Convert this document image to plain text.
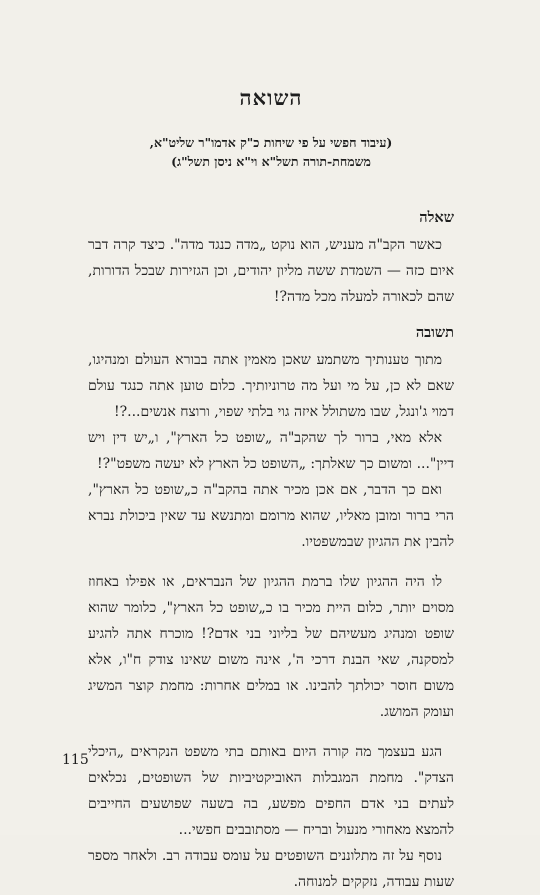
השואה
(עיבוד חפשי על פי שיחות כ"ק אדמו"ר שליט"א,
משמחת-תורה תשל"א וי"א ניסן תשל"ג)
שאלה

כאשר הקב"ה מעניש, הוא נוקט „מדה כנגד מדה". כיצד קרה דבר איום כזה — השמדת ששה מליון יהודים, וכן הגזירות שבכל הדורות, שהם לכאורה למעלה מכל מדה?!

תשובה

מתוך טענותיך משתמע שאכן מאמין אתה בבורא העולם ומנהיגו, שאם לא כן, על מי ועל מה טרוניותיך. כלום טוען אתה כנגד עולם דמוי ג'ונגל, שבו משתולל איזה גוי בלתי שפוי, ורוצח אנשים...?!

אלא מאי, ברור לך שהקב"ה „שופט כל הארץ", ו„יש דין ויש דיין"... ומשום כך שאלתך: „השופט כל הארץ לא יעשה משפט"?!

ואם כך הדבר, אם אכן מכיר אתה בהקב"ה כ„שופט כל הארץ", הרי ברור ומובן מאליו, שהוא מרומם ומתנשא עד שאין ביכולת נברא להבין את ההגיון שבמשפטיו.

לו היה ההגיון שלו ברמת ההגיון של הנבראים, או אפילו באחוז מסוים יותר, כלום היית מכיר בו כ„שופט כל הארץ", כלומר שהוא שופט ומנהיג מעשיהם של בליוני בני אדם?! מוכרח אתה להגיע למסקנה, שאי הבנת דרכי ה', אינה משום שאינו צודק ח"ו, אלא משום חוסר יכולתך להבינו. או במלים אחרות: מחמת קוצר המשיג ועומק המושג.

הגע בעצמך מה קורה היום באותם בתי משפט הנקראים „היכלי הצדק". מחמת המגבלות האוביקטיביות של השופטים, נכלאים לעתים בני אדם החפים מפשע, בה בשעה שפושעים החייבים להמצא מאחורי מנעול ובריח — מסתובבים חפשי...

נוסף על זה מתלוננים השופטים על עומס עבודה רב. ולאחר מספר שעות עבודה, נזקקים למנוחה.

115
